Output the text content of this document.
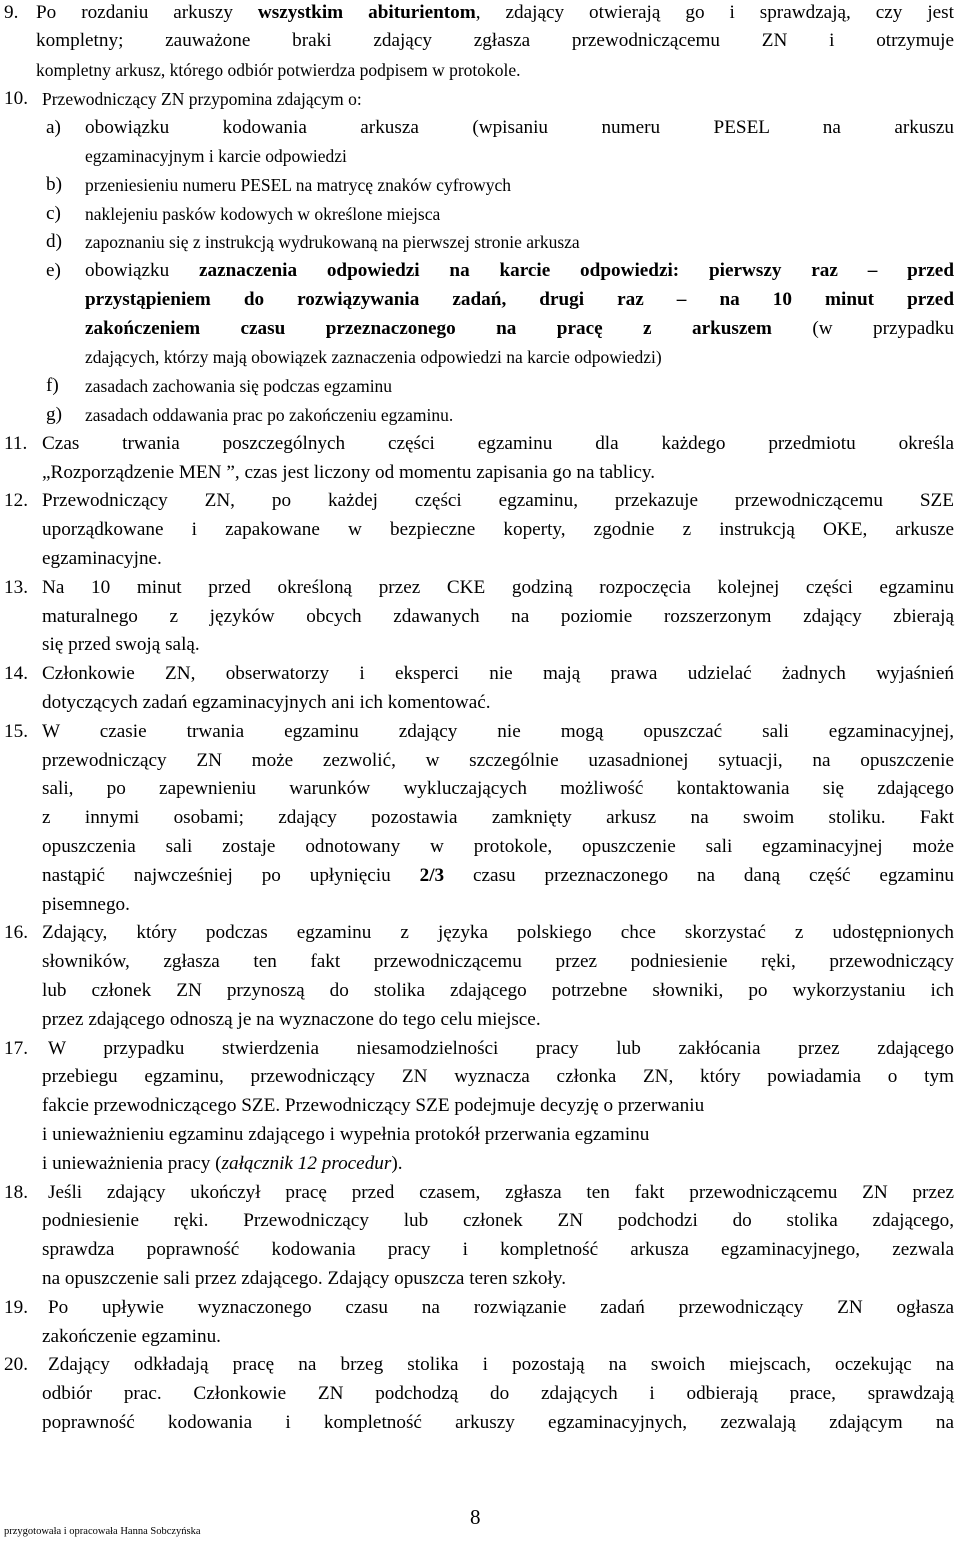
9. Po rozdaniu arkuszy wszystkim abiturientom, zdający otwierają go i sprawdzają, czy jest
kompletny; zauważone braki zdający zgłasza przewodniczącemu ZN i otrzymuje
kompletny arkusz, którego odbiór potwierdza podpisem w protokole.
10. Przewodniczący ZN przypomina zdającym o:
a) obowiązku kodowania arkusza (wpisaniu numeru PESEL na arkuszu
egzaminacyjnym i karcie odpowiedzi
b) przeniesieniu numeru PESEL na matrycę znaków cyfrowych
c) naklejeniu pasków kodowych w określone miejsca
d) zapoznaniu się z instrukcją wydrukowaną na pierwszej stronie arkusza
e) obowiązku zaznaczenia odpowiedzi na karcie odpowiedzi: pierwszy raz – przed
przystąpieniem do rozwiązywania zadań, drugi raz – na 10 minut przed
zakończeniem czasu przeznaczonego na pracę z arkuszem (w przypadku
zdających, którzy mają obowiązek zaznaczenia odpowiedzi na karcie odpowiedzi)
f) zasadach zachowania się podczas egzaminu
g) zasadach oddawania prac po zakończeniu egzaminu.
11. Czas trwania poszczególnych części egzaminu dla każdego przedmiotu określa
„Rozporządzenie MEN ”, czas jest liczony od momentu zapisania go na tablicy.
12. Przewodniczący ZN, po każdej części egzaminu, przekazuje przewodniczącemu SZE
uporządkowane i zapakowane w bezpieczne koperty, zgodnie z instrukcją OKE, arkusze
egzaminacyjne.
13. Na 10 minut przed określoną przez CKE godziną rozpoczęcia kolejnej części egzaminu
maturalnego z języków obcych zdawanych na poziomie rozszerzonym zdający zbierają
się przed swoją salą.
14. Członkowie ZN, obserwatorzy i eksperci nie mają prawa udzielać żadnych wyjaśnień
dotyczących zadań egzaminacyjnych ani ich komentować.
15. W czasie trwania egzaminu zdający nie mogą opuszczać sali egzaminacyjnej,
przewodniczący ZN może zezwolić, w szczególnie uzasadnionej sytuacji, na opuszczenie
sali, po zapewnieniu warunków wykluczających możliwość kontaktowania się zdającego
z innymi osobami; zdający pozostawia zamknięty arkusz na swoim stoliku. Fakt
opuszczenia sali zostaje odnotowany w protokole, opuszczenie sali egzaminacyjnej może
nastąpić najwcześniej po upłynięciu 2/3 czasu przeznaczonego na daną część egzaminu
pisemnego.
16. Zdający, który podczas egzaminu z języka polskiego chce skorzystać z udostępnionych
słowników, zgłasza ten fakt przewodniczącemu przez podniesienie ręki, przewodniczący
lub członek ZN przynoszą do stolika zdającego potrzebne słowniki, po wykorzystaniu ich
przez zdającego odnoszą je na wyznaczone do tego celu miejsce.
17. W przypadku stwierdzenia niesamodzielności pracy lub zakłócania przez zdającego
przebiegu egzaminu, przewodniczący ZN wyznacza członka ZN, który powiadamia o tym
fakcie przewodniczącego SZE. Przewodniczący SZE podejmuje decyzję o przerwaniu
i unieważnieniu egzaminu zdającego i wypełnia protokół przerwania egzaminu
i unieważnienia pracy (załącznik 12 procedur).
18. Jeśli zdający ukończył pracę przed czasem, zgłasza ten fakt przewodniczącemu ZN przez
podniesienie ręki. Przewodniczący lub członek ZN podchodzi do stolika zdającego,
sprawdza poprawność kodowania pracy i kompletność arkusza egzaminacyjnego, zezwala
na opuszczenie sali przez zdającego. Zdający opuszcza teren szkoły.
19. Po upływie wyznaczonego czasu na rozwiązanie zadań przewodniczący ZN ogłasza
zakończenie egzaminu.
20. Zdający odkładają pracę na brzeg stolika i pozostają na swoich miejscach, oczekując na
odbiór prac. Członkowie ZN podchodzą do zdających i odbierają prace, sprawdzają
poprawność kodowania i kompletność arkuszy egzaminacyjnych, zezwalają zdającym na
8
przygotowała i opracowała Hanna Sobczyńska
